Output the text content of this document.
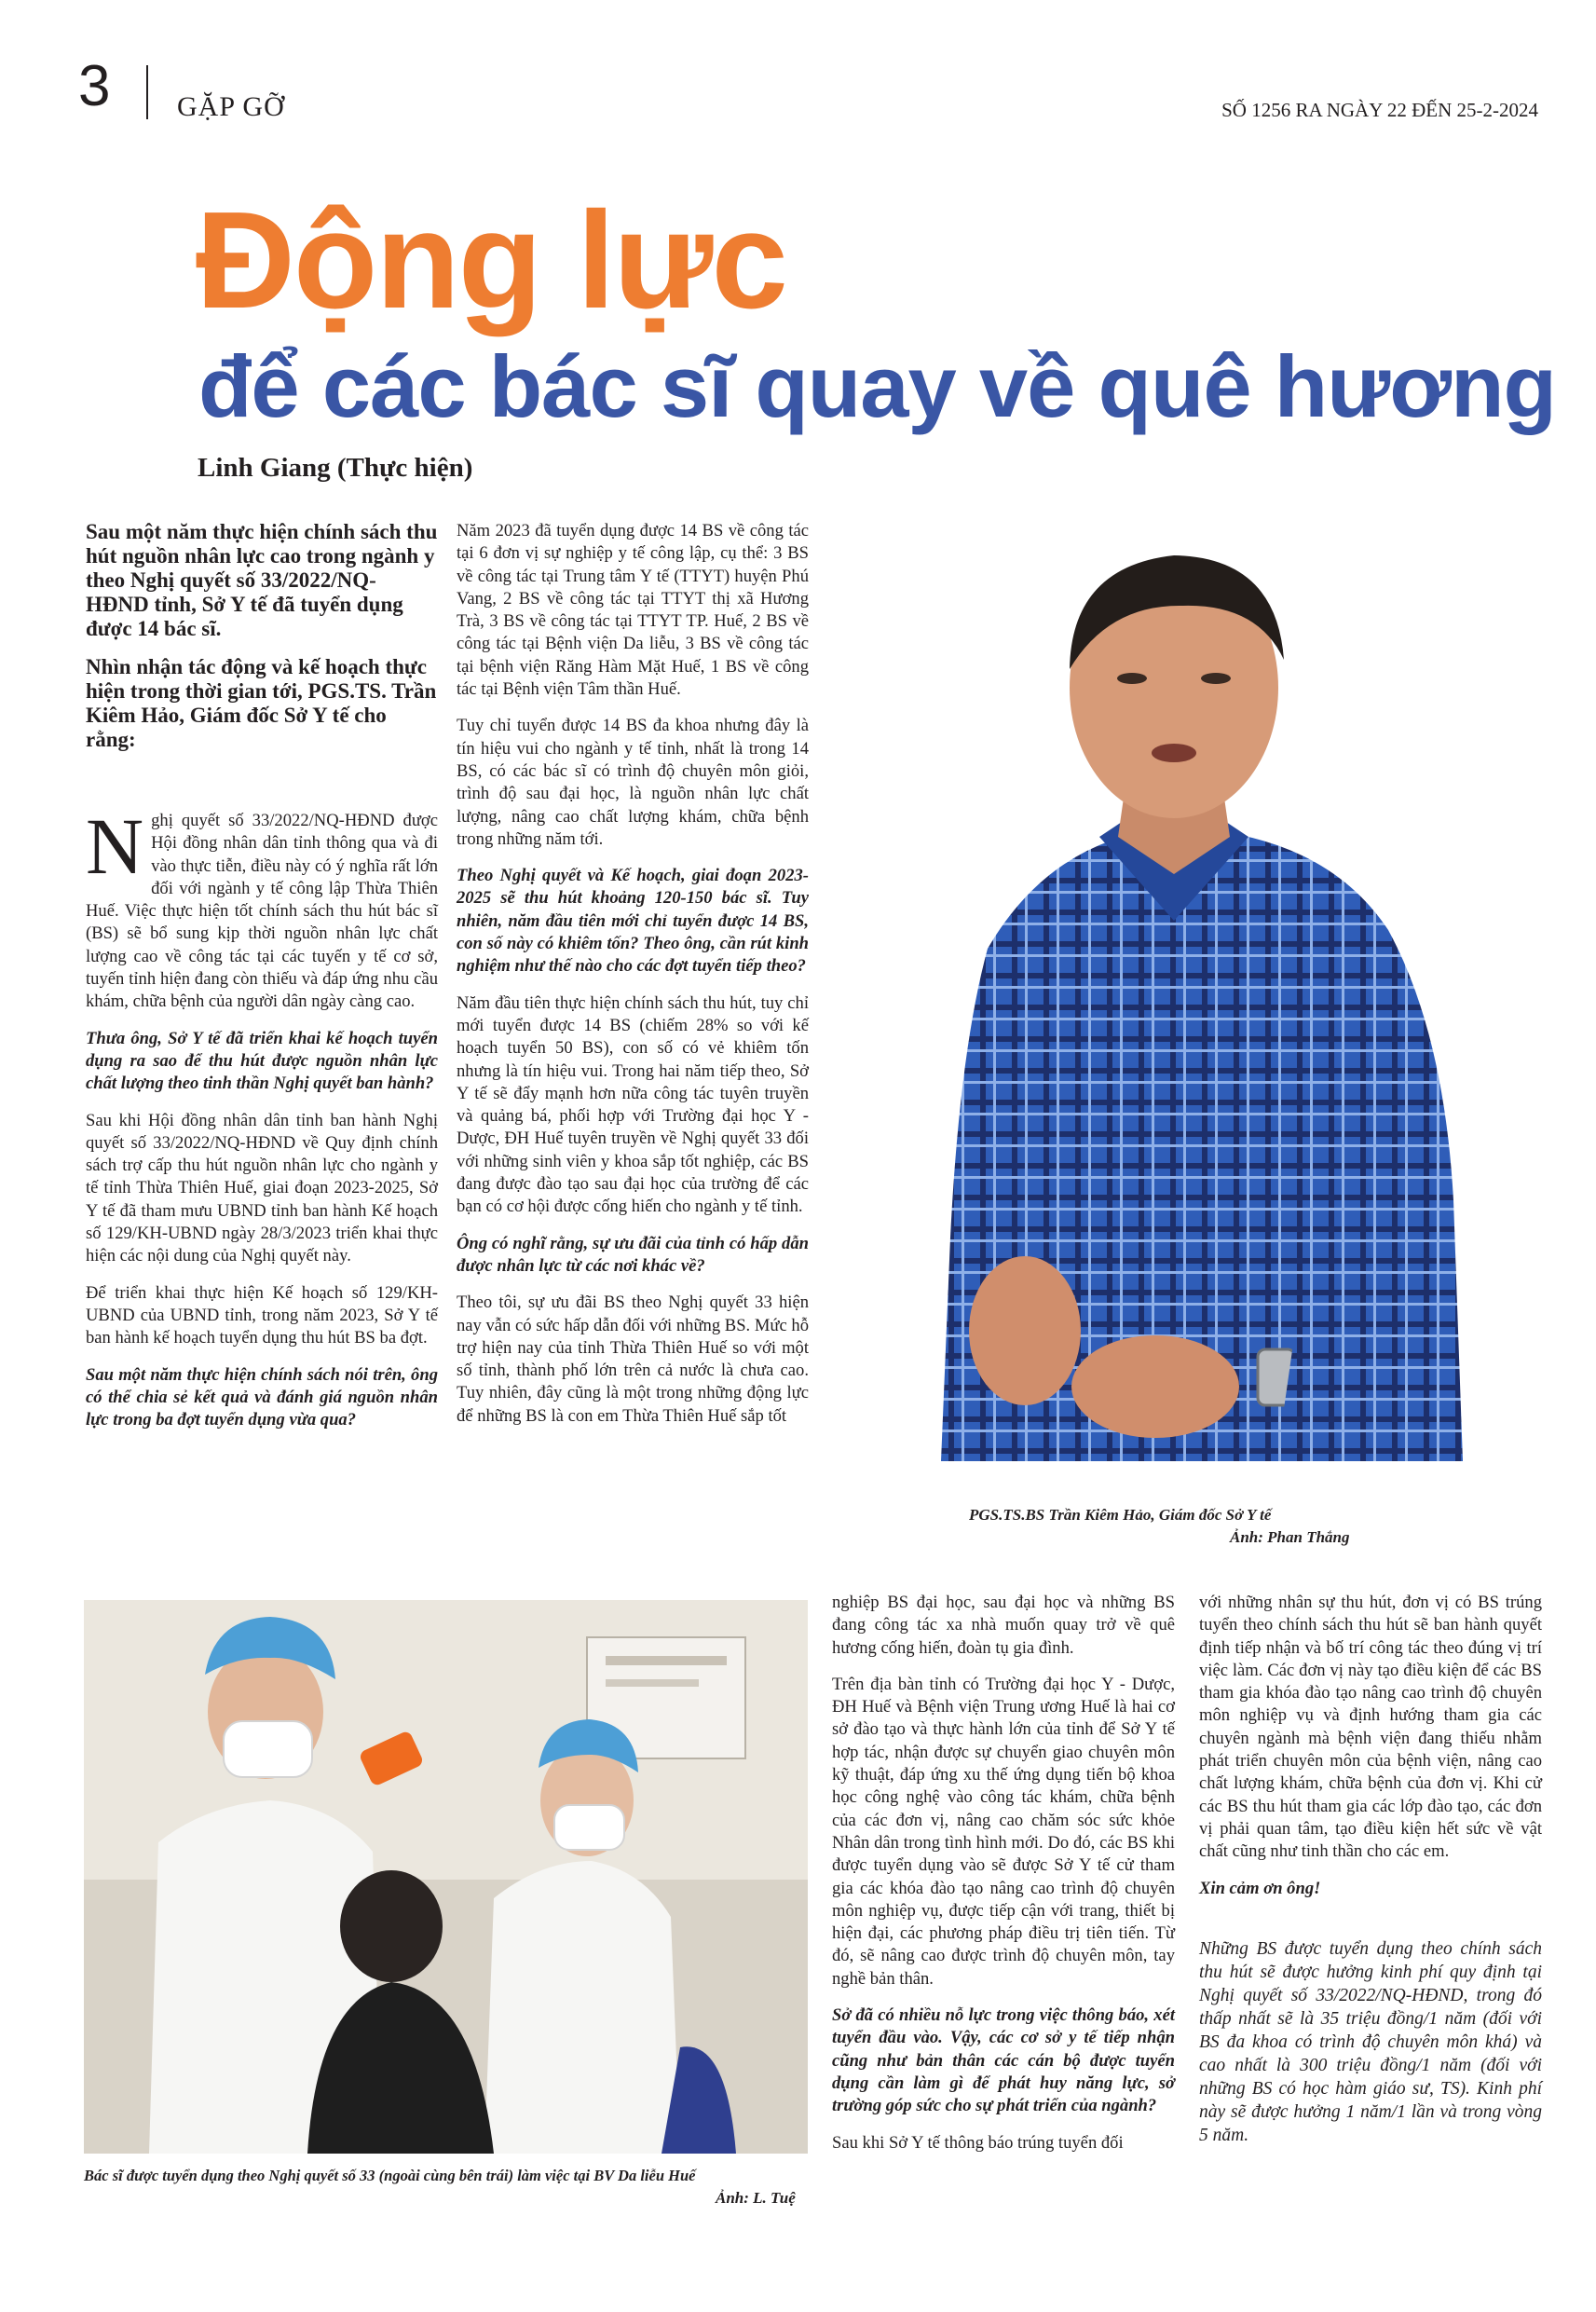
3 GẶP GỠ	SỐ 1256 RA NGÀY 22 ĐẾN 25-2-2024
Động lực
để các bác sĩ quay về quê hương
Linh Giang (Thực hiện)

Sau một năm thực hiện chính sách thu hút nguồn nhân lực cao trong ngành y theo Nghị quyết số 33/2022/NQ-HĐND tỉnh, Sở Y tế đã tuyển dụng được 14 bác sĩ.

Nhìn nhận tác động và kế hoạch thực hiện trong thời gian tới, PGS.TS. Trần Kiêm Hảo, Giám đốc Sở Y tế cho rằng:

Nghị quyết số 33/2022/NQ-HĐND được Hội đồng nhân dân tỉnh thông qua và đi vào thực tiễn, điều này có ý nghĩa rất lớn đối với ngành y tế công lập Thừa Thiên Huế. Việc thực hiện tốt chính sách thu hút bác sĩ (BS) sẽ bổ sung kịp thời nguồn nhân lực chất lượng cao về công tác tại các tuyến y tế cơ sở, tuyến tỉnh hiện đang còn thiếu và đáp ứng nhu cầu khám, chữa bệnh của người dân ngày càng cao.

Thưa ông, Sở Y tế đã triển khai kế hoạch tuyển dụng ra sao để thu hút được nguồn nhân lực chất lượng theo tinh thần Nghị quyết ban hành?

Sau khi Hội đồng nhân dân tỉnh ban hành Nghị quyết số 33/2022/NQ-HĐND về Quy định chính sách trợ cấp thu hút nguồn nhân lực cho ngành y tế tỉnh Thừa Thiên Huế, giai đoạn 2023-2025, Sở Y tế đã tham mưu UBND tỉnh ban hành Kế hoạch số 129/KH-UBND ngày 28/3/2023 triển khai thực hiện các nội dung của Nghị quyết này.

Để triển khai thực hiện Kế hoạch số 129/KH-UBND của UBND tỉnh, trong năm 2023, Sở Y tế ban hành kế hoạch tuyển dụng thu hút BS ba đợt.

Sau một năm thực hiện chính sách nói trên, ông có thể chia sẻ kết quả và đánh giá nguồn nhân lực trong ba đợt tuyển dụng vừa qua?

Năm 2023 đã tuyển dụng được 14 BS về công tác tại 6 đơn vị sự nghiệp y tế công lập, cụ thể: 3 BS về công tác tại Trung tâm Y tế (TTYT) huyện Phú Vang, 2 BS về công tác tại TTYT thị xã Hương Trà, 3 BS về công tác tại TTYT TP. Huế, 2 BS về công tác tại Bệnh viện Da liễu, 3 BS về công tác tại bệnh viện Răng Hàm Mặt Huế, 1 BS về công tác tại Bệnh viện Tâm thần Huế.

Tuy chỉ tuyển được 14 BS đa khoa nhưng đây là tín hiệu vui cho ngành y tế tỉnh, nhất là trong 14 BS, có các bác sĩ có trình độ chuyên môn giỏi, trình độ sau đại học, là nguồn nhân lực chất lượng, nâng cao chất lượng khám, chữa bệnh trong những năm tới.

Theo Nghị quyết và Kế hoạch, giai đoạn 2023-2025 sẽ thu hút khoảng 120-150 bác sĩ. Tuy nhiên, năm đầu tiên mới chỉ tuyển được 14 BS, con số này có khiêm tốn? Theo ông, cần rút kinh nghiệm như thế nào cho các đợt tuyển tiếp theo?

Năm đầu tiên thực hiện chính sách thu hút, tuy chỉ mới tuyển được 14 BS (chiếm 28% so với kế hoạch tuyển 50 BS), con số có vẻ khiêm tốn nhưng là tín hiệu vui. Trong hai năm tiếp theo, Sở Y tế sẽ đẩy mạnh hơn nữa công tác tuyên truyền và quảng bá, phối hợp với Trường đại học Y - Dược, ĐH Huế tuyên truyền về Nghị quyết 33 đối với những sinh viên y khoa sắp tốt nghiệp, các BS đang được đào tạo sau đại học của trường để các bạn có cơ hội được cống hiến cho ngành y tế tỉnh.

Ông có nghĩ rằng, sự ưu đãi của tỉnh có hấp dẫn được nhân lực từ các nơi khác về?

Theo tôi, sự ưu đãi BS theo Nghị quyết 33 hiện nay vẫn có sức hấp dẫn đối với những BS. Mức hỗ trợ hiện nay của tỉnh Thừa Thiên Huế so với một số tỉnh, thành phố lớn trên cả nước là chưa cao. Tuy nhiên, đây cũng là một trong những động lực để những BS là con em Thừa Thiên Huế sắp tốt

PGS.TS.BS Trần Kiêm Hảo, Giám đốc Sở Y tế
Ảnh: Phan Thắng
Bác sĩ được tuyển dụng theo Nghị quyết số 33 (ngoài cùng bên trái) làm việc tại BV Da liễu Huế
Ảnh: L. Tuệ

nghiệp BS đại học, sau đại học và những BS đang công tác xa nhà muốn quay trở về quê hương cống hiến, đoàn tụ gia đình.

Trên địa bàn tỉnh có Trường đại học Y - Dược, ĐH Huế và Bệnh viện Trung ương Huế là hai cơ sở đào tạo và thực hành lớn của tỉnh để Sở Y tế hợp tác, nhận được sự chuyển giao chuyên môn kỹ thuật, đáp ứng xu thế ứng dụng tiến bộ khoa học công nghệ vào công tác khám, chữa bệnh của các đơn vị, nâng cao chăm sóc sức khỏe Nhân dân trong tình hình mới. Do đó, các BS khi được tuyển dụng vào sẽ được Sở Y tế cử tham gia các khóa đào tạo nâng cao trình độ chuyên môn nghiệp vụ, được tiếp cận với trang, thiết bị hiện đại, các phương pháp điều trị tiên tiến. Từ đó, sẽ nâng cao được trình độ chuyên môn, tay nghề bản thân.

Sở đã có nhiều nỗ lực trong việc thông báo, xét tuyển đầu vào. Vậy, các cơ sở y tế tiếp nhận cũng như bản thân các cán bộ được tuyển dụng cần làm gì để phát huy năng lực, sở trường góp sức cho sự phát triển của ngành?

Sau khi Sở Y tế thông báo trúng tuyển đối

với những nhân sự thu hút, đơn vị có BS trúng tuyển theo chính sách thu hút sẽ ban hành quyết định tiếp nhận và bố trí công tác theo đúng vị trí việc làm. Các đơn vị này tạo điều kiện để các BS tham gia khóa đào tạo nâng cao trình độ chuyên môn nghiệp vụ và định hướng tham gia các chuyên ngành mà bệnh viện đang thiếu nhằm phát triển chuyên môn của bệnh viện, nâng cao chất lượng khám, chữa bệnh của đơn vị. Khi cử các BS thu hút tham gia các lớp đào tạo, các đơn vị phải quan tâm, tạo điều kiện hết sức về vật chất cũng như tinh thần cho các em.

Xin cảm ơn ông!

Những BS được tuyển dụng theo chính sách thu hút sẽ được hưởng kinh phí quy định tại Nghị quyết số 33/2022/NQ-HĐND, trong đó thấp nhất sẽ là 35 triệu đồng/1 năm (đối với BS đa khoa có trình độ chuyên môn khá) và cao nhất là 300 triệu đồng/1 năm (đối với những BS có học hàm giáo sư, TS). Kinh phí này sẽ được hưởng 1 năm/1 lần và trong vòng 5 năm.
